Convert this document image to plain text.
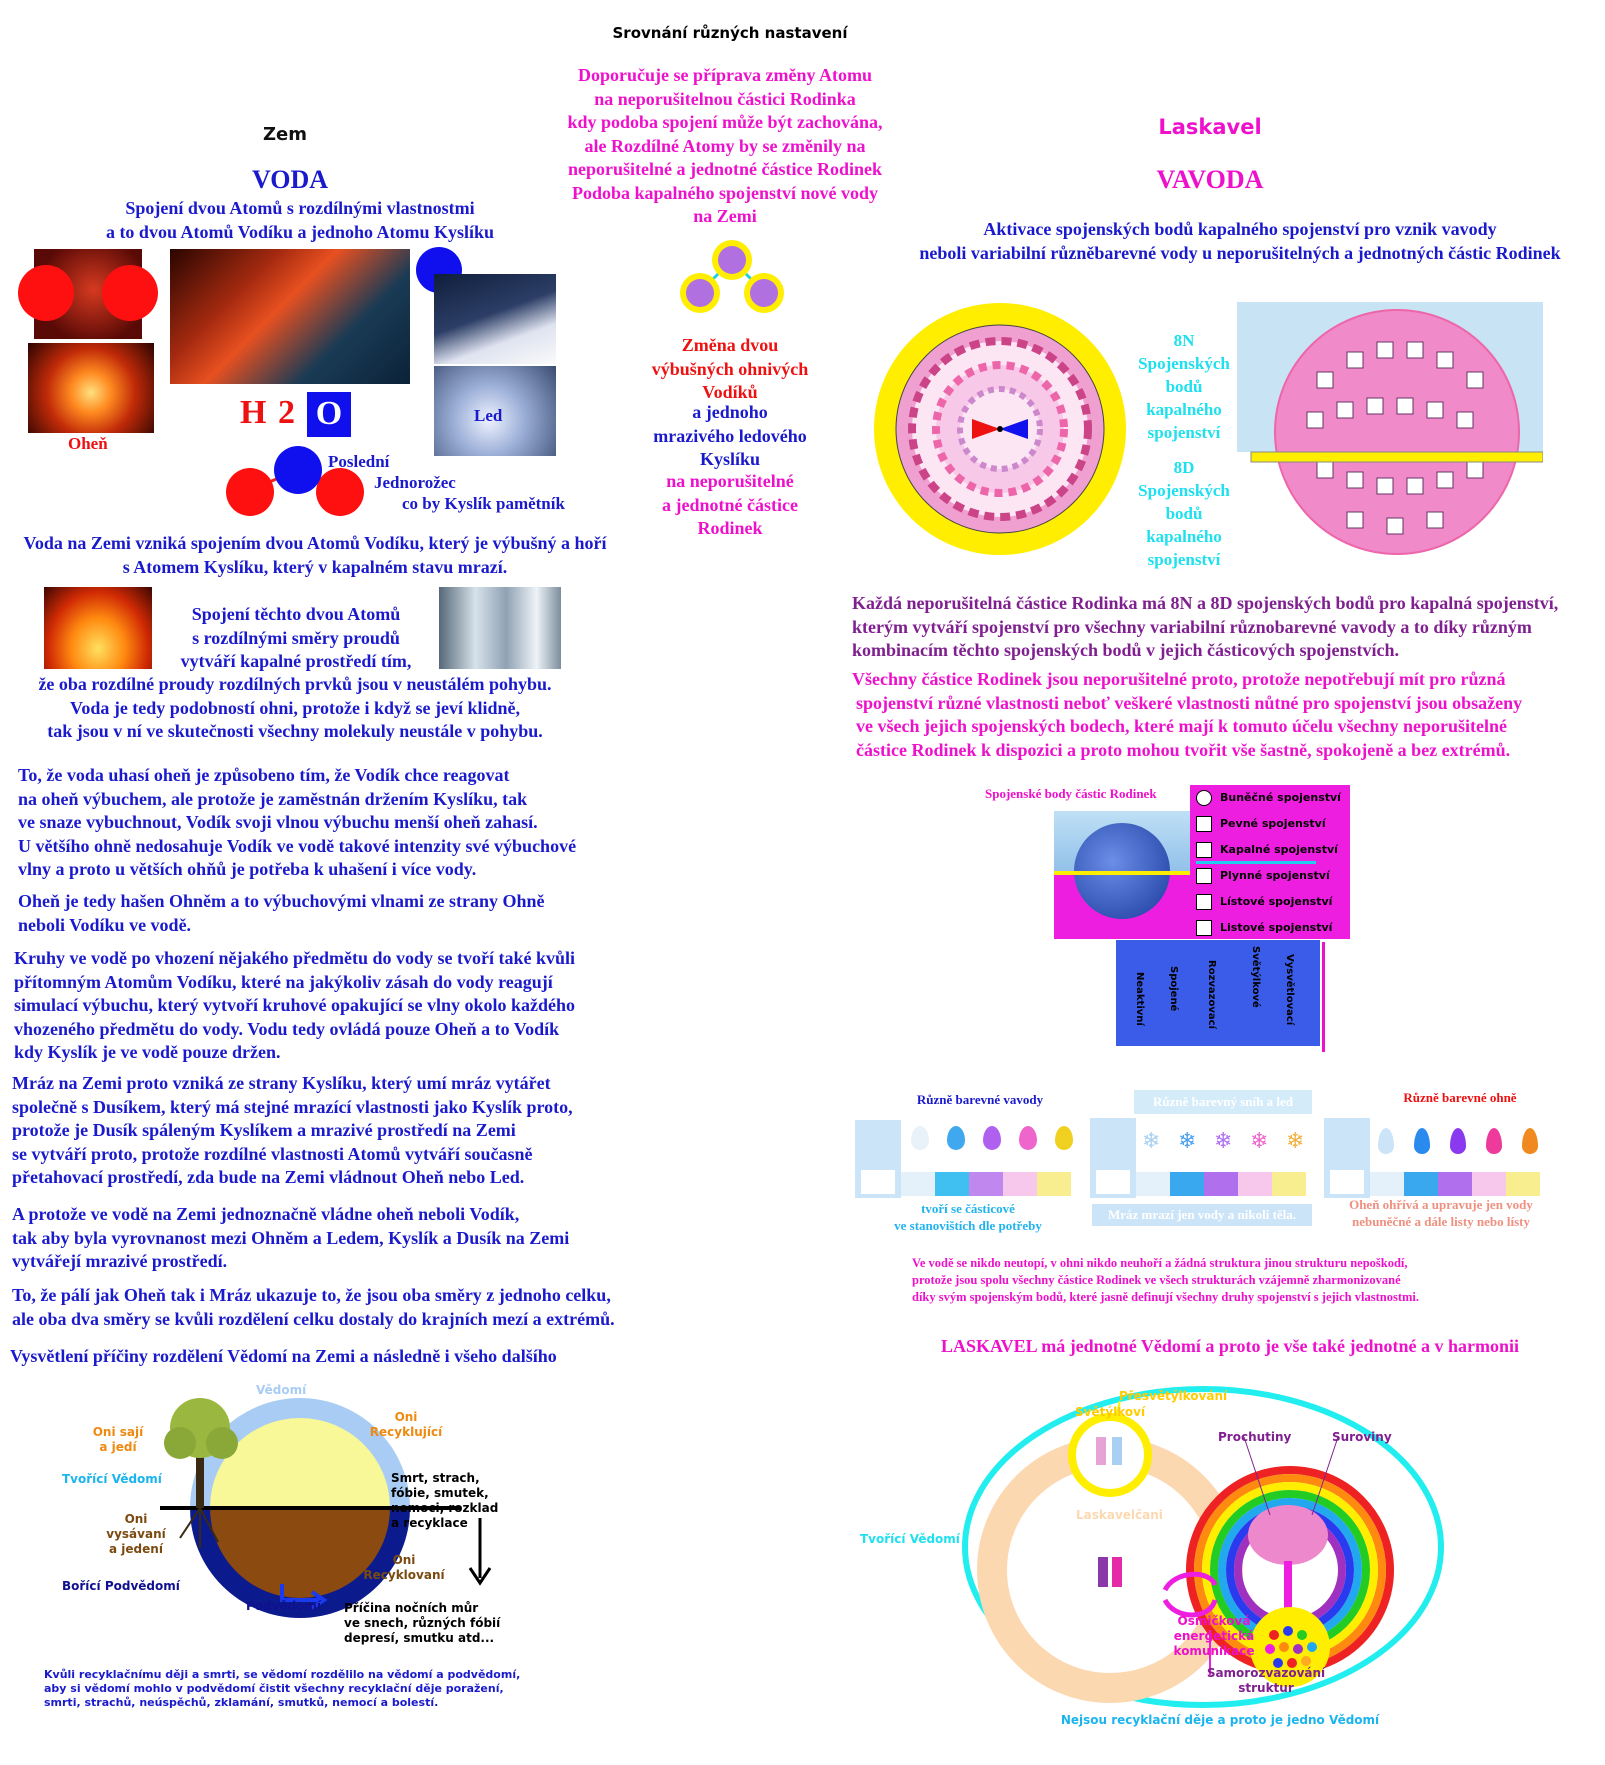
Srovnání různých nastavení
Zem
VODA
Spojení dvou Atomů s rozdílnými vlastnostmi
a to dvou Atomů Vodíku a jednoho Atomu Kyslíku
Led
Oheň
H 2 O
Poslední
Jednorožec
co by Kyslík pamětník
Voda na Zemi vzniká spojením dvou Atomů Vodíku, který je výbušný a hoří
s Atomem Kyslíku, který v kapalném stavu mrazí.
Spojení těchto dvou Atomů
s rozdílnými směry proudů
vytváří kapalné prostředí tím,
že oba rozdílné proudy rozdílných prvků jsou v neustálém pohybu.
Voda je tedy podobností ohni, protože i když se jeví klidně,
tak jsou v ní ve skutečnosti všechny molekuly neustále v pohybu.
To, že voda uhasí oheň je způsobeno tím, že Vodík chce reagovat
na oheň výbuchem, ale protože je zaměstnán držením Kyslíku, tak
ve snaze vybuchnout, Vodík svoji vlnou výbuchu menší oheň zahasí.
U většího ohně nedosahuje Vodík ve vodě takové intenzity své výbuchové
vlny a proto u větších ohňů je potřeba k uhašení i více vody.
Oheň je tedy hašen Ohněm a to výbuchovými vlnami ze strany Ohně
neboli Vodíku ve vodě.
Kruhy ve vodě po vhození nějakého předmětu do vody se tvoří také kvůli
přítomným Atomům Vodíku, které na jakýkoliv zásah do vody reagují
simulací výbuchu, který vytvoří kruhové opakující se vlny okolo každého
vhozeného předmětu do vody. Vodu tedy ovládá pouze Oheň a to Vodík
kdy Kyslík je ve vodě pouze držen.
Mráz na Zemi proto vzniká ze strany Kyslíku, který umí mráz vytářet
společně s Dusíkem, který má stejné mrazící vlastnosti jako Kyslík proto,
protože je Dusík spáleným Kyslíkem a mrazivé prostředí na Zemi
se vytváří proto, protože rozdílné vlastnosti Atomů vytváří současně
přetahovací prostředí, zda bude na Zemi vládnout Oheň nebo Led.
A protože ve vodě na Zemi jednoznačně vládne oheň neboli Vodík,
tak aby byla vyrovnanost mezi Ohněm a Ledem, Kyslík a Dusík na Zemi
vytvářejí mrazivé prostředí.
To, že pálí jak Oheň tak i Mráz ukazuje to, že jsou oba směry z jednoho celku,
ale oba dva směry se kvůli rozdělení celku dostaly do krajních mezí a extrémů.
Vysvětlení příčiny rozdělení Vědomí na Zemi a následně i všeho dalšího
Vědomí
Oni sají
a jedí
Oni
Recyklující
Tvořící Vědomí	Smrt, strach,
fóbie, smutek,
nemoci, rozklad
a recyklace
Oni
vysávaní
a jedení
Oni
Recyklovaní
Bořící Podvědomí
Podvědomí Příčina nočních můr
ve snech, různých fóbií
depresí, smutku atd...
Kvůli recyklačnímu ději a smrti, se vědomí rozdělilo na vědomí a podvědomí,
aby si vědomí mohlo v podvědomí čistit všechny recyklační děje poražení,
smrti, strachů, neúspěchů, zklamání, smutků, nemocí a bolestí.
Doporučuje se příprava změny Atomu
na neporušitelnou částici Rodinka
kdy podoba spojení může být zachována,
ale Rozdílné Atomy by se změnily na
neporušitelné a jednotné částice Rodinek
Podoba kapalného spojenství nové vody
na Zemi
Změna dvou
výbušných ohnivých
Vodíků
a jednoho
mrazivého ledového
Kyslíku
na neporušitelné
a jednotné částice
Rodinek
Laskavel
VAVODA
Aktivace spojenských bodů kapalného spojenství pro vznik vavody
neboli variabilní různěbarevné vody u neporušitelných a jednotných částic Rodinek
8N
Spojenských
bodů
kapalného
spojenství
8D
Spojenských
bodů
kapalného
spojenství
Každá neporušitelná částice Rodinka má 8N a 8D spojenských bodů pro kapalná spojenství,
kterým vytváří spojenství pro všechny variabilní různobarevné vavody a to díky různým
kombinacím těchto spojenských bodů v jejich částicových spojenstvích.
Všechny částice Rodinek jsou neporušitelné proto, protože nepotřebují mít pro různá
spojenství různé vlastnosti neboť veškeré vlastnosti nůtné pro spojenství jsou obsaženy
ve všech jejich spojenských bodech, které mají k tomuto účelu všechny neporušitelné
částice Rodinek k dispozici a proto mohou tvořit vše šastně, spokojeně a bez extrémů.
Spojenské body částic Rodinek	Buněčné spojenství
Pevné spojenství
Kapalné spojenství
Plynné spojenství
Lístové spojenství
Listové spojenství
Neaktivní Spojené	Rozvazovací	Světýlkové Vysvětlovací
Různě barevné vavody	Různě barevný sníh a led	Různě barevné ohně
❄ ❄ ❄ ❄ ❄
tvoří se částicové
ve stanovištích dle potřeby
Mráz mrazí jen vody a nikoli těla.
Oheň ohřívá a upravuje jen vody
nebuněčné a dále listy nebo lísty
Ve vodě se nikdo neutopí, v ohni nikdo neuhoří a žádná struktura jinou strukturu nepoškodí,
protože jsou spolu všechny částice Rodinek ve všech strukturách vzájemně zharmonizované
díky svým spojenským bodů, které jasně definují všechny druhy spojenství s jejich vlastnostmi.
LASKAVEL má jednotné Vědomí a proto je vše také jednotné a v harmonii
Přesvětýlkování
Světýlkoví
Prochutiny	Suroviny
Tvořící Vědomí
Laskavelčani
Osmičková
energetická
komunikace
Samorozvazování
struktur
Nejsou recyklační děje a proto je jedno Vědomí
